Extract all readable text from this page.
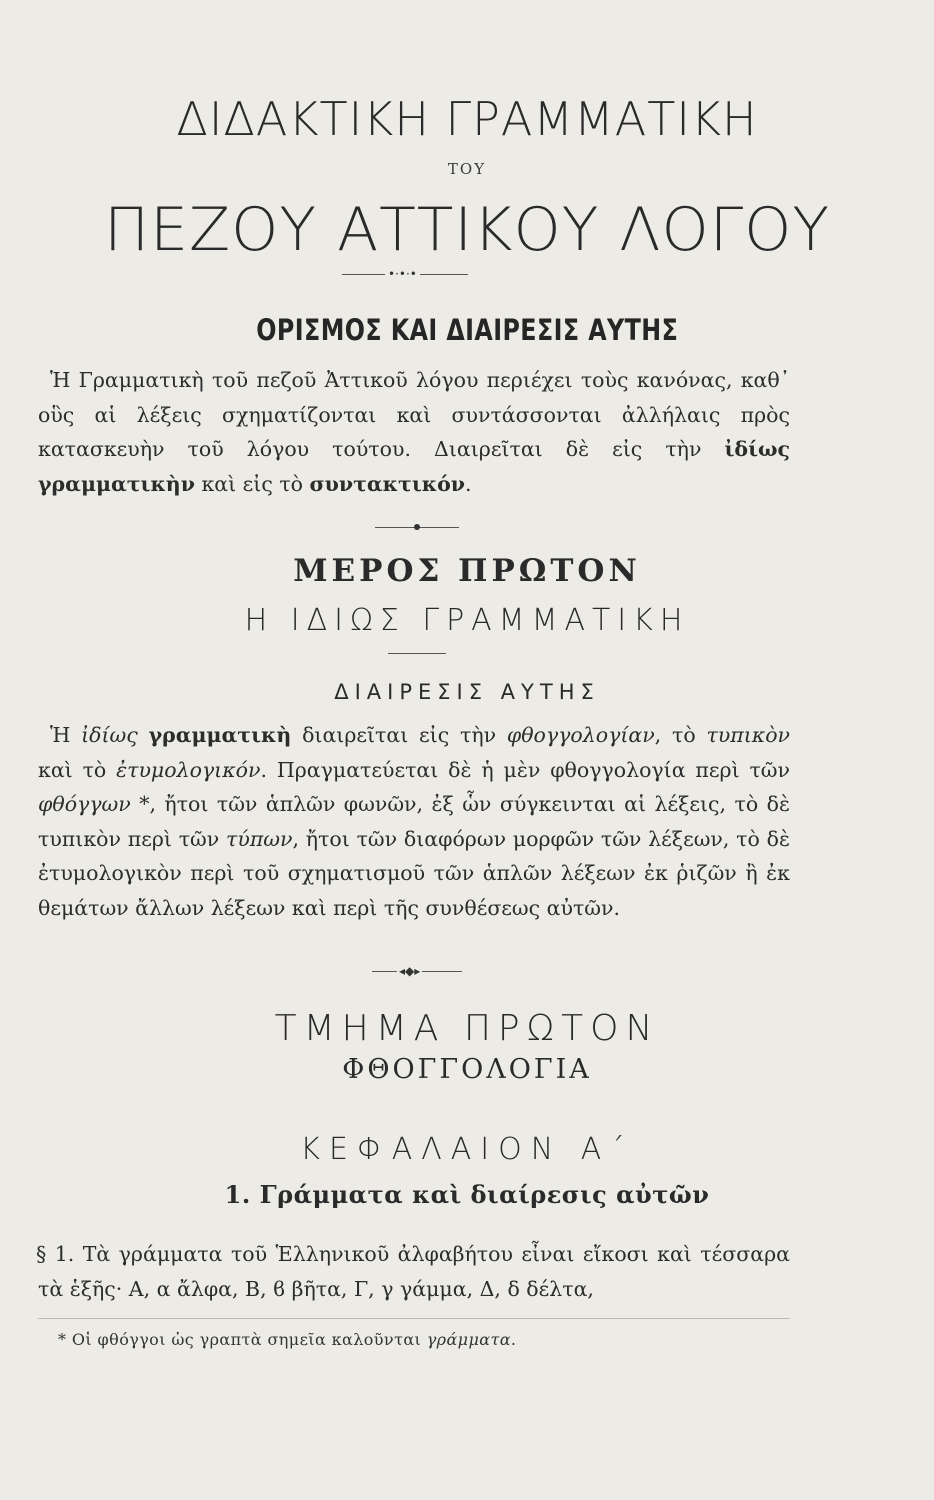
ΔΙΔΑΚΤΙΚΗ ΓΡΑΜΜΑΤΙΚΗ
ΤΟΥ
ΠΕΖΟΥ ΑΤΤΙΚΟΥ ΛΟΓΟΥ
•·•·•
ΟΡΙΣΜΟΣ ΚΑΙ ΔΙΑΙΡΕΣΙΣ ΑΥΤΗΣ
Ἡ Γραμματικὴ τοῦ πεζοῦ Ἀττικοῦ λόγου περιέχει τοὺς κανόνας, καθ᾽ οὓς αἱ λέξεις σχηματίζονται καὶ συντάσσονται ἀλλήλαις πρὸς κατασκευὴν τοῦ λόγου τούτου. Διαιρεῖται δὲ εἰς τὴν ἰδίως γραμματικὴν καὶ εἰς τὸ συντακτικόν.
ΜΕΡΟΣ ΠΡΩΤΟΝ
Η ΙΔΙΩΣ ΓΡΑΜΜΑΤΙΚΗ
ΔΙΑΙΡΕΣΙΣ ΑΥΤΗΣ
Ἡ ἰδίως γραμματικὴ διαιρεῖται εἰς τὴν φθογγολογίαν, τὸ τυπικὸν καὶ τὸ ἐτυμολογικόν. Πραγματεύεται δὲ ἡ μὲν φθογγολογία περὶ τῶν φθόγγων *, ἤτοι τῶν ἁπλῶν φωνῶν, ἐξ ὧν σύγκεινται αἱ λέξεις, τὸ δὲ τυπικὸν περὶ τῶν τύπων, ἤτοι τῶν διαφόρων μορφῶν τῶν λέξεων, τὸ δὲ ἐτυμολογικὸν περὶ τοῦ σχηματισμοῦ τῶν ἁπλῶν λέξεων ἐκ ῥιζῶν ἢ ἐκ θεμάτων ἄλλων λέξεων καὶ περὶ τῆς συνθέσεως αὐτῶν.
◂◆▸
ΤΜΗΜΑ ΠΡΩΤΟΝ
ΦΘΟΓΓΟΛΟΓΙΑ
ΚΕΦΑΛΑΙΟΝ Α´
1. Γράμματα καὶ διαίρεσις αὐτῶν
§ 1. Τὰ γράμματα τοῦ Ἑλληνικοῦ ἀλφαβήτου εἶναι εἴκοσι καὶ τέσσαρα τὰ ἑξῆς· Α, α ἄλφα, Β, ϐ βῆτα, Γ, γ γάμμα, Δ, δ δέλτα,
* Οἱ φθόγγοι ὡς γραπτὰ σημεῖα καλοῦνται γράμματα.
